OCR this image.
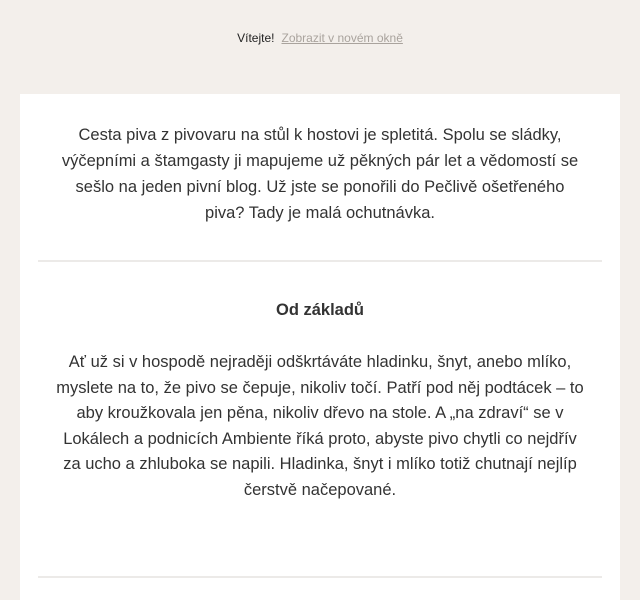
Vítejte! Zobrazit v novém okně

Cesta piva z pivovaru na stůl k hostovi je spletitá. Spolu se sládky, výčepními a štamgasty ji mapujeme už pěkných pár let a vědomostí se sešlo na jeden pivní blog. Už jste se ponořili do Pečlivě ošetřeného piva? Tady je malá ochutnávka.

Od základů

Ať už si v hospodě nejraději odškrtáváte hladinku, šnyt, anebo mlíko, myslete na to, že pivo se čepuje, nikoliv točí. Patří pod něj podtácek – to aby kroužkovala jen pěna, nikoliv dřevo na stole. A „na zdraví“ se v Lokálech a podnicích Ambiente říká proto, abyste pivo chytli co nejdřív za ucho a zhluboka se napili. Hladinka, šnyt i mlíko totiž chutnají nejlíp čerstvě načepované.
